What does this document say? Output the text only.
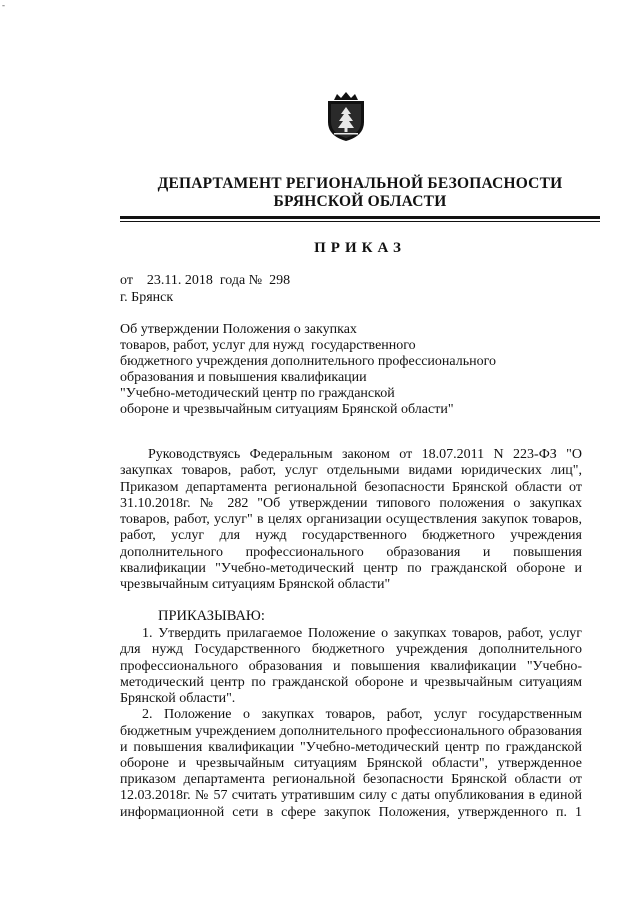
-
ДЕПАРТАМЕНТ РЕГИОНАЛЬНОЙ БЕЗОПАСНОСТИ
БРЯНСКОЙ ОБЛАСТИ
ПРИКАЗ
от    23.11. 2018  года №  298
г. Брянск
Об утверждении Положения о закупках
товаров, работ, услуг для нужд  государственного
бюджетного учреждения дополнительного профессионального
образования и повышения квалификации
"Учебно-методический центр по гражданской
обороне и чрезвычайным ситуациям Брянской области"
Руководствуясь Федеральным законом от 18.07.2011 N 223-ФЗ "О
закупках товаров, работ, услуг отдельными видами юридических лиц",
Приказом департамента региональной безопасности Брянской области от
31.10.2018г. № 282 "Об утверждении типового положения о закупках
товаров, работ, услуг" в целях организации осуществления закупок товаров,
работ, услуг для нужд государственного бюджетного учреждения
дополнительного профессионального образования и повышения
квалификации "Учебно-методический центр по гражданской обороне и
чрезвычайным ситуациям Брянской области"
ПРИКАЗЫВАЮ:
1. Утвердить прилагаемое Положение о закупках товаров, работ, услуг
для нужд Государственного бюджетного учреждения дополнительного
профессионального образования и повышения квалификации "Учебно-
методический центр по гражданской обороне и чрезвычайным ситуациям
Брянской области".
2. Положение о закупках товаров, работ, услуг государственным
бюджетным учреждением дополнительного профессионального образования
и повышения квалификации "Учебно-методический центр по гражданской
обороне и чрезвычайным ситуациям Брянской области", утвержденное
приказом департамента региональной безопасности Брянской области от
12.03.2018г. № 57 считать утратившим силу с даты опубликования в единой
информационной сети в сфере закупок Положения, утвержденного п. 1
